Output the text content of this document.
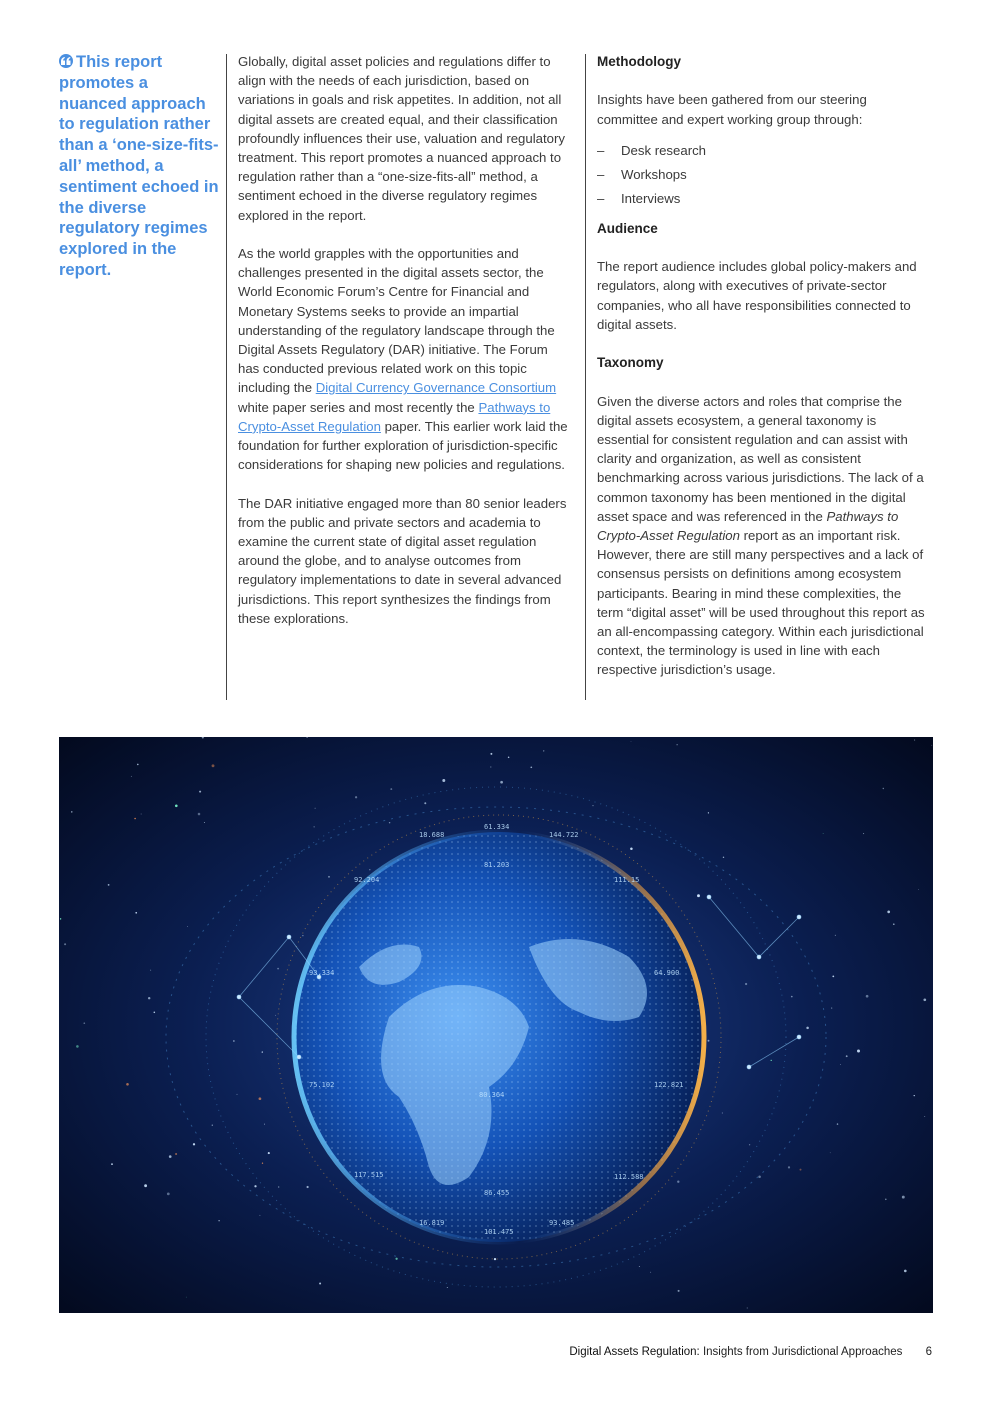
This report promotes a nuanced approach to regulation rather than a ‘one-size-fits-all’ method, a sentiment echoed in the diverse regulatory regimes explored in the report.

Globally, digital asset policies and regulations differ to align with the needs of each jurisdiction, based on variations in goals and risk appetites. In addition, not all digital assets are created equal, and their classification profoundly influences their use, valuation and regulatory treatment. This report promotes a nuanced approach to regulation rather than a “one-size-fits-all” method, a sentiment echoed in the diverse regulatory regimes explored in the report.

As the world grapples with the opportunities and challenges presented in the digital assets sector, the World Economic Forum’s Centre for Financial and Monetary Systems seeks to provide an impartial understanding of the regulatory landscape through the Digital Assets Regulatory (DAR) initiative. The Forum has conducted previous related work on this topic including the Digital Currency Governance Consortium white paper series and most recently the Pathways to Crypto-Asset Regulation paper. This earlier work laid the foundation for further exploration of jurisdiction-specific considerations for shaping new policies and regulations.

The DAR initiative engaged more than 80 senior leaders from the public and private sectors and academia to examine the current state of digital asset regulation around the globe, and to analyse outcomes from regulatory implementations to date in several advanced jurisdictions. This report synthesizes the findings from these explorations.

Methodology

Insights have been gathered from our steering committee and expert working group through:

– Desk research
– Workshops
– Interviews
Audience

The report audience includes global policy-makers and regulators, along with executives of private-sector companies, who all have responsibilities connected to digital assets.

Taxonomy

Given the diverse actors and roles that comprise the digital assets ecosystem, a general taxonomy is essential for consistent regulation and can assist with clarity and organization, as well as consistent benchmarking across various jurisdictions. The lack of a common taxonomy has been mentioned in the digital asset space and was referenced in the Pathways to Crypto-Asset Regulation report as an important risk. However, there are still many perspectives and a lack of consensus persists on definitions among ecosystem participants. Bearing in mind these complexities, the term “digital asset” will be used throughout this report as an all-encompassing category. Within each jurisdictional context, the terminology is used in line with each respective jurisdiction’s usage.

18.688
61.334
144.722
81.203
92.204	111.15
93.334	64.900
75.102
80.364
122.821
117.515	112.588
86.455
16.819
101.475
93.485
Digital Assets Regulation: Insights from Jurisdictional Approaches 6
